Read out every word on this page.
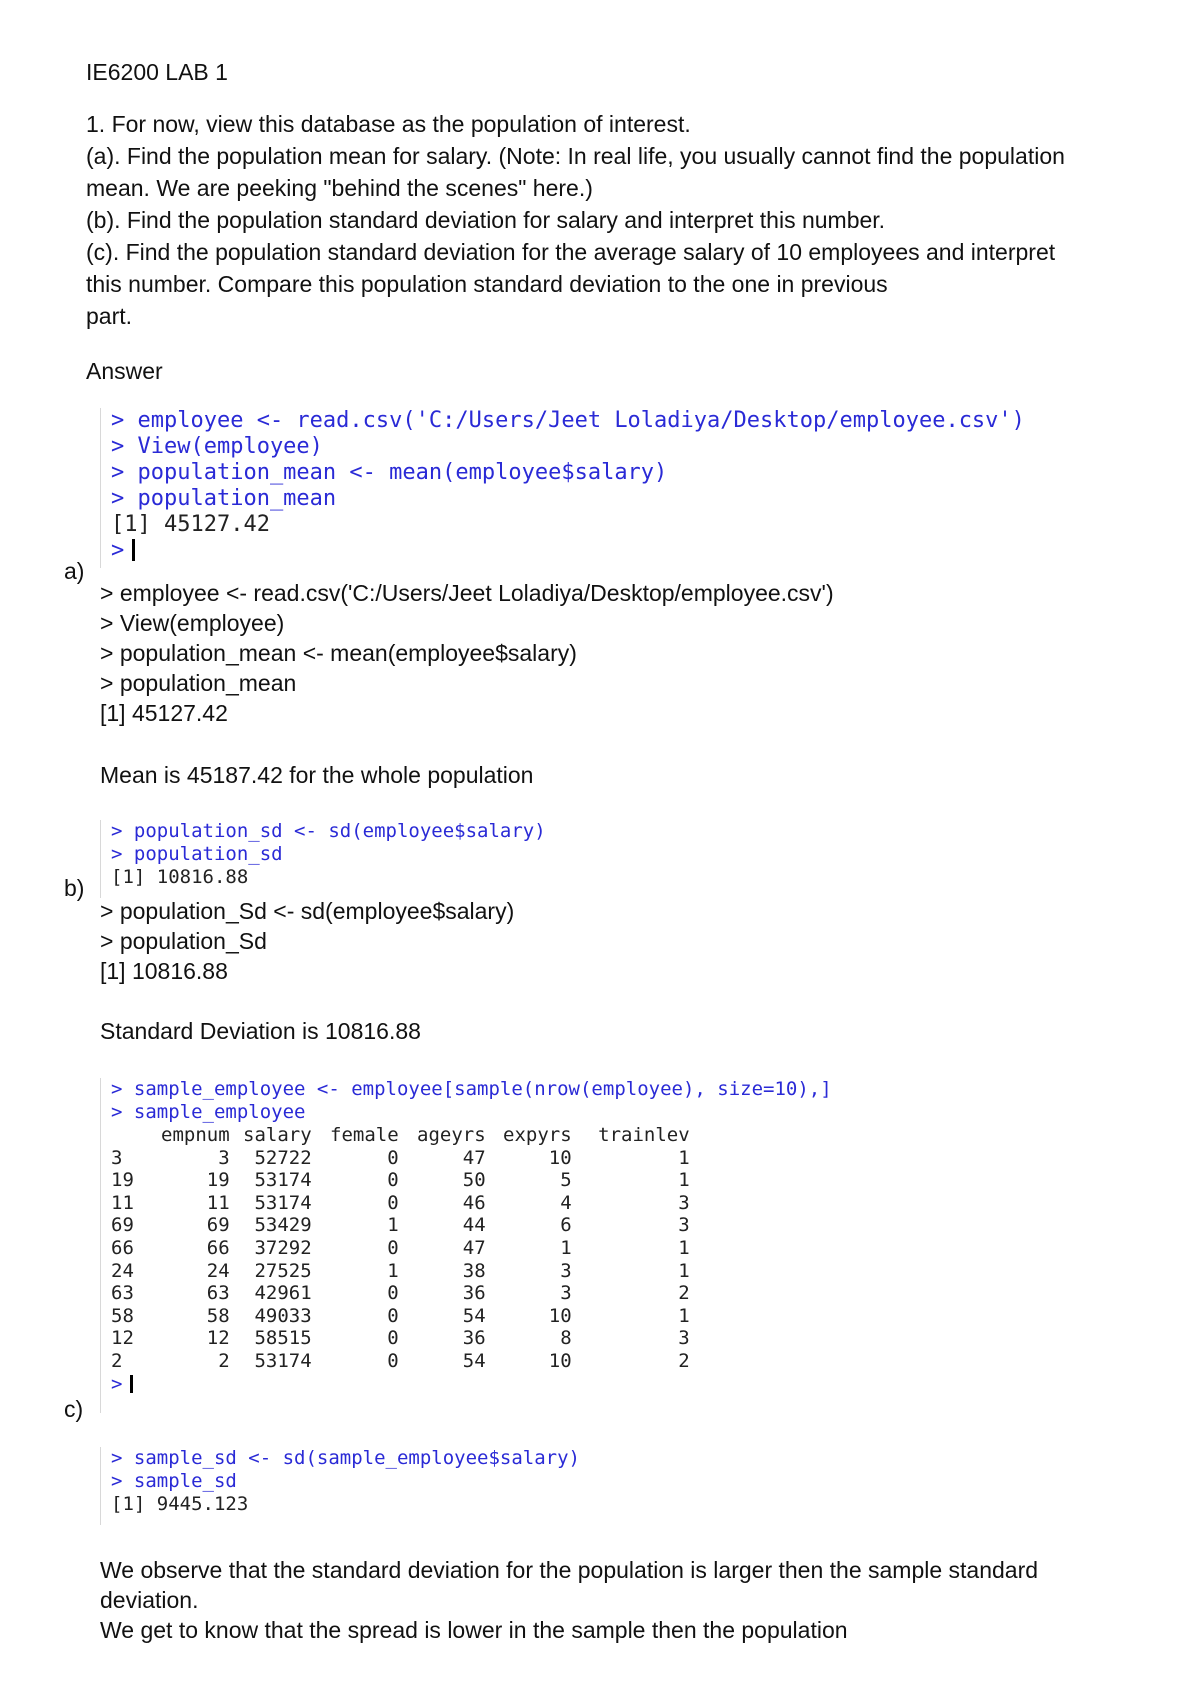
IE6200 LAB 1
1. For now, view this database as the population of interest.
(a). Find the population mean for salary. (Note: In real life, you usually cannot find the population
mean. We are peeking "behind the scenes" here.)
(b). Find the population standard deviation for salary and interpret this number.
(c). Find the population standard deviation for the average salary of 10 employees and interpret
this number. Compare this population standard deviation to the one in previous
part.
Answer
> employee <- read.csv('C:/Users/Jeet Loladiya/Desktop/employee.csv')
> View(employee)
> population_mean <- mean(employee$salary)
> population_mean
[1] 45127.42
>
a)
> employee <- read.csv('C:/Users/Jeet Loladiya/Desktop/employee.csv')
> View(employee)
> population_mean <- mean(employee$salary)
> population_mean
[1] 45127.42
Mean is 45187.42 for the whole population
> population_sd <- sd(employee$salary)
> population_sd
[1] 10816.88
b)
> population_Sd <- sd(employee$salary)
> population_Sd
[1] 10816.88
Standard Deviation is 10816.88
> sample_employee <- employee[sample(nrow(employee), size=10),]
> sample_employee
	empnum	salary	female	ageyrs	expyrs	trainlev
3	3	52722	0	47	10	1
19	19	53174	0	50	5	1
11	11	53174	0	46	4	3
69	69	53429	1	44	6	3
66	66	37292	0	47	1	1
24	24	27525	1	38	3	1
63	63	42961	0	36	3	2
58	58	49033	0	54	10	1
12	12	58515	0	36	8	3
2	2	53174	0	54	10	2
>
c)
> sample_sd <- sd(sample_employee$salary)
> sample_sd
[1] 9445.123
We observe that the standard deviation for the population is larger then the sample standard
deviation.
We get to know that the spread is lower in the sample then the population
